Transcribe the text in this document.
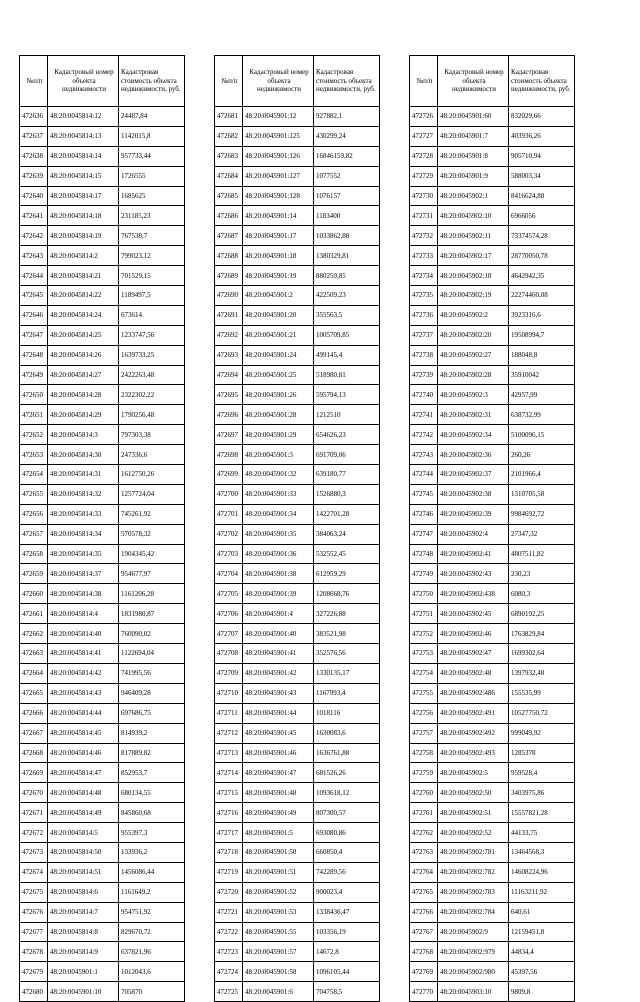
№п/п	Кадастровый номер объекта недвижимости	Кадастровая стоимость объекта недвижимости, руб.
472636	48:20:0045814:12	24487,84
472637	48:20:0045814:13	1142015,8
472638	48:20:0045814:14	957733,44
472639	48:20:0045814:15	1726555
472640	48:20:0045814:17	1685625
472641	48:20:0045814:18	231185,23
472642	48:20:0045814:19	767538,7
472643	48:20:0045814:2	799023,12
472644	48:20:0045814:21	701529,15
472645	48:20:0045814:22	1189497,5
472646	48:20:0045814:24	673614
472647	48:20:0045814:25	1233747,56
472648	48:20:0045814:26	1639733,25
472649	48:20:0045814:27	2422263,48
472650	48:20:0045814:28	2322302,22
472651	48:20:0045814:29	1790256,48
472652	48:20:0045814:3	797303,38
472653	48:20:0045814:30	247336,6
472654	48:20:0045814:31	1612750,26
472655	48:20:0045814:32	1257724,04
472656	48:20:0045814:33	745261,92
472657	48:20:0045814:34	570578,32
472658	48:20:0045814:35	1904345,42
472659	48:20:0045814:37	954677,97
472660	48:20:0045814:38	1161206,28
472661	48:20:0045814:4	1831980,87
472662	48:20:0045814:40	760090,02
472663	48:20:0045814:41	1122694,04
472664	48:20:0045814:42	741995,56
472665	48:20:0045814:43	946409,28
472666	48:20:0045814:44	697686,75
472667	48:20:0045814:45	814939,2
472668	48:20:0045814:46	817889,82
472669	48:20:0045814:47	852953,7
472670	48:20:0045814:48	680134,55
472671	48:20:0045814:49	845860,68
472672	48:20:0045814:5	955397,3
472673	48:20:0045814:50	133936,2
472674	48:20:0045814:51	1456086,44
472675	48:20:0045814:6	1161649,2
472676	48:20:0045814:7	954751,92
472677	48:20:0045814:8	829670,72
472678	48:20:0045814:9	637821,96
472679	48:20:0045901:1	1012043,6
472680	48:20:0045901:10	705870
№п/п	Кадастровый номер объекта недвижимости	Кадастровая стоимость объекта недвижимости, руб.
472681	48:20:0045901:12	927882,1
472682	48:20:0045901:125	430299,24
472683	48:20:0045901:126	16846159,82
472684	48:20:0045901:127	1077552
472685	48:20:0045901:128	1076157
472686	48:20:0045901:14	1183400
472687	48:20:0045901:17	1033862,88
472688	48:20:0045901:18	1380329,81
472689	48:20:0045901:19	880259,85
472690	48:20:0045901:2	422509,23
472691	48:20:0045901:20	355563,5
472692	48:20:0045901:21	1005709,85
472693	48:20:0045901:24	499145,4
472694	48:20:0045901:25	518980,81
472695	48:20:0045901:26	595794,13
472696	48:20:0045901:28	1212510
472697	48:20:0045901:29	654626,23
472698	48:20:0045901:3	691709,06
472699	48:20:0045901:32	639180,77
472700	48:20:0045901:33	1526880,3
472701	48:20:0045901:34	1422701,28
472702	48:20:0045901:35	384063,24
472703	48:20:0045901:36	532552,45
472704	48:20:0045901:38	612959,29
472705	48:20:0045901:39	1208668,76
472706	48:20:0045901:4	327226,88
472707	48:20:0045901:40	383521,98
472708	48:20:0045901:41	352576,56
472709	48:20:0045901:42	1330135,17
472710	48:20:0045901:43	1167993,4
472711	48:20:0045901:44	1018116
472712	48:20:0045901:45	1630083,6
472713	48:20:0045901:46	1636761,88
472714	48:20:0045901:47	681526,26
472715	48:20:0045901:48	1093618,12
472716	48:20:0045901:49	807300,57
472717	48:20:0045901:5	693080,86
472718	48:20:0045901:50	660850,4
472719	48:20:0045901:51	742289,56
472720	48:20:0045901:52	900023,4
472721	48:20:0045901:53	1338436,47
472722	48:20:0045901:55	103356,19
472723	48:20:0045901:57	14672,8
472724	48:20:0045901:58	1096105,44
472725	48:20:0045901:6	704758,5
№п/п	Кадастровый номер объекта недвижимости	Кадастровая стоимость объекта недвижимости, руб.
472726	48:20:0045901:60	832029,66
472727	48:20:0045901:7	403936,26
472728	48:20:0045901:8	905710,94
472729	48:20:0045901:9	588003,34
472730	48:20:0045902:1	8416624,88
472731	48:20:0045902:10	6966056
472732	48:20:0045902:11	73374574,28
472733	48:20:0045902:17	28770050,78
472734	48:20:0045902:18	4642942,35
472735	48:20:0045902:19	22274460,08
472736	48:20:0045902:2	3923316,6
472737	48:20:0045902:20	19508994,7
472738	48:20:0045902:27	188048,8
472739	48:20:0045902:28	35910042
472740	48:20:0045902:3	42957,99
472741	48:20:0045902:31	638732,99
472742	48:20:0045902:34	5100096,15
472743	48:20:0045902:36	260,26
472744	48:20:0045902:37	2101966,4
472745	48:20:0045902:38	1310705,58
472746	48:20:0045902:39	9984692,72
472747	48:20:0045902:4	27347,32
472748	48:20:0045902:41	4807511,82
472749	48:20:0045902:43	230,23
472750	48:20:0045902:438	6080,3
472751	48:20:0045902:45	6890192,25
472752	48:20:0045902:46	1763829,84
472753	48:20:0045902:47	1699302,64
472754	48:20:0045902:48	1397932,48
472755	48:20:0045902:486	155535,99
472756	48:20:0045902:491	10527750,72
472757	48:20:0045902:492	999049,92
472758	48:20:0045902:493	1285378
472759	48:20:0045902:5	959528,4
472760	48:20:0045902:50	3403975,86
472761	48:20:0045902:51	15557821,28
472762	48:20:0045902:52	44133,75
472763	48:20:0045902:781	13464568,3
472764	48:20:0045902:782	14608224,96
472765	48:20:0045902:783	11163211,92
472766	48:20:0045902:784	640,61
472767	48:20:0045902:9	12159451,8
472768	48:20:0045902:979	44834,4
472769	48:20:0045902:980	45397,56
472770	48:20:0045903:10	9809,8
